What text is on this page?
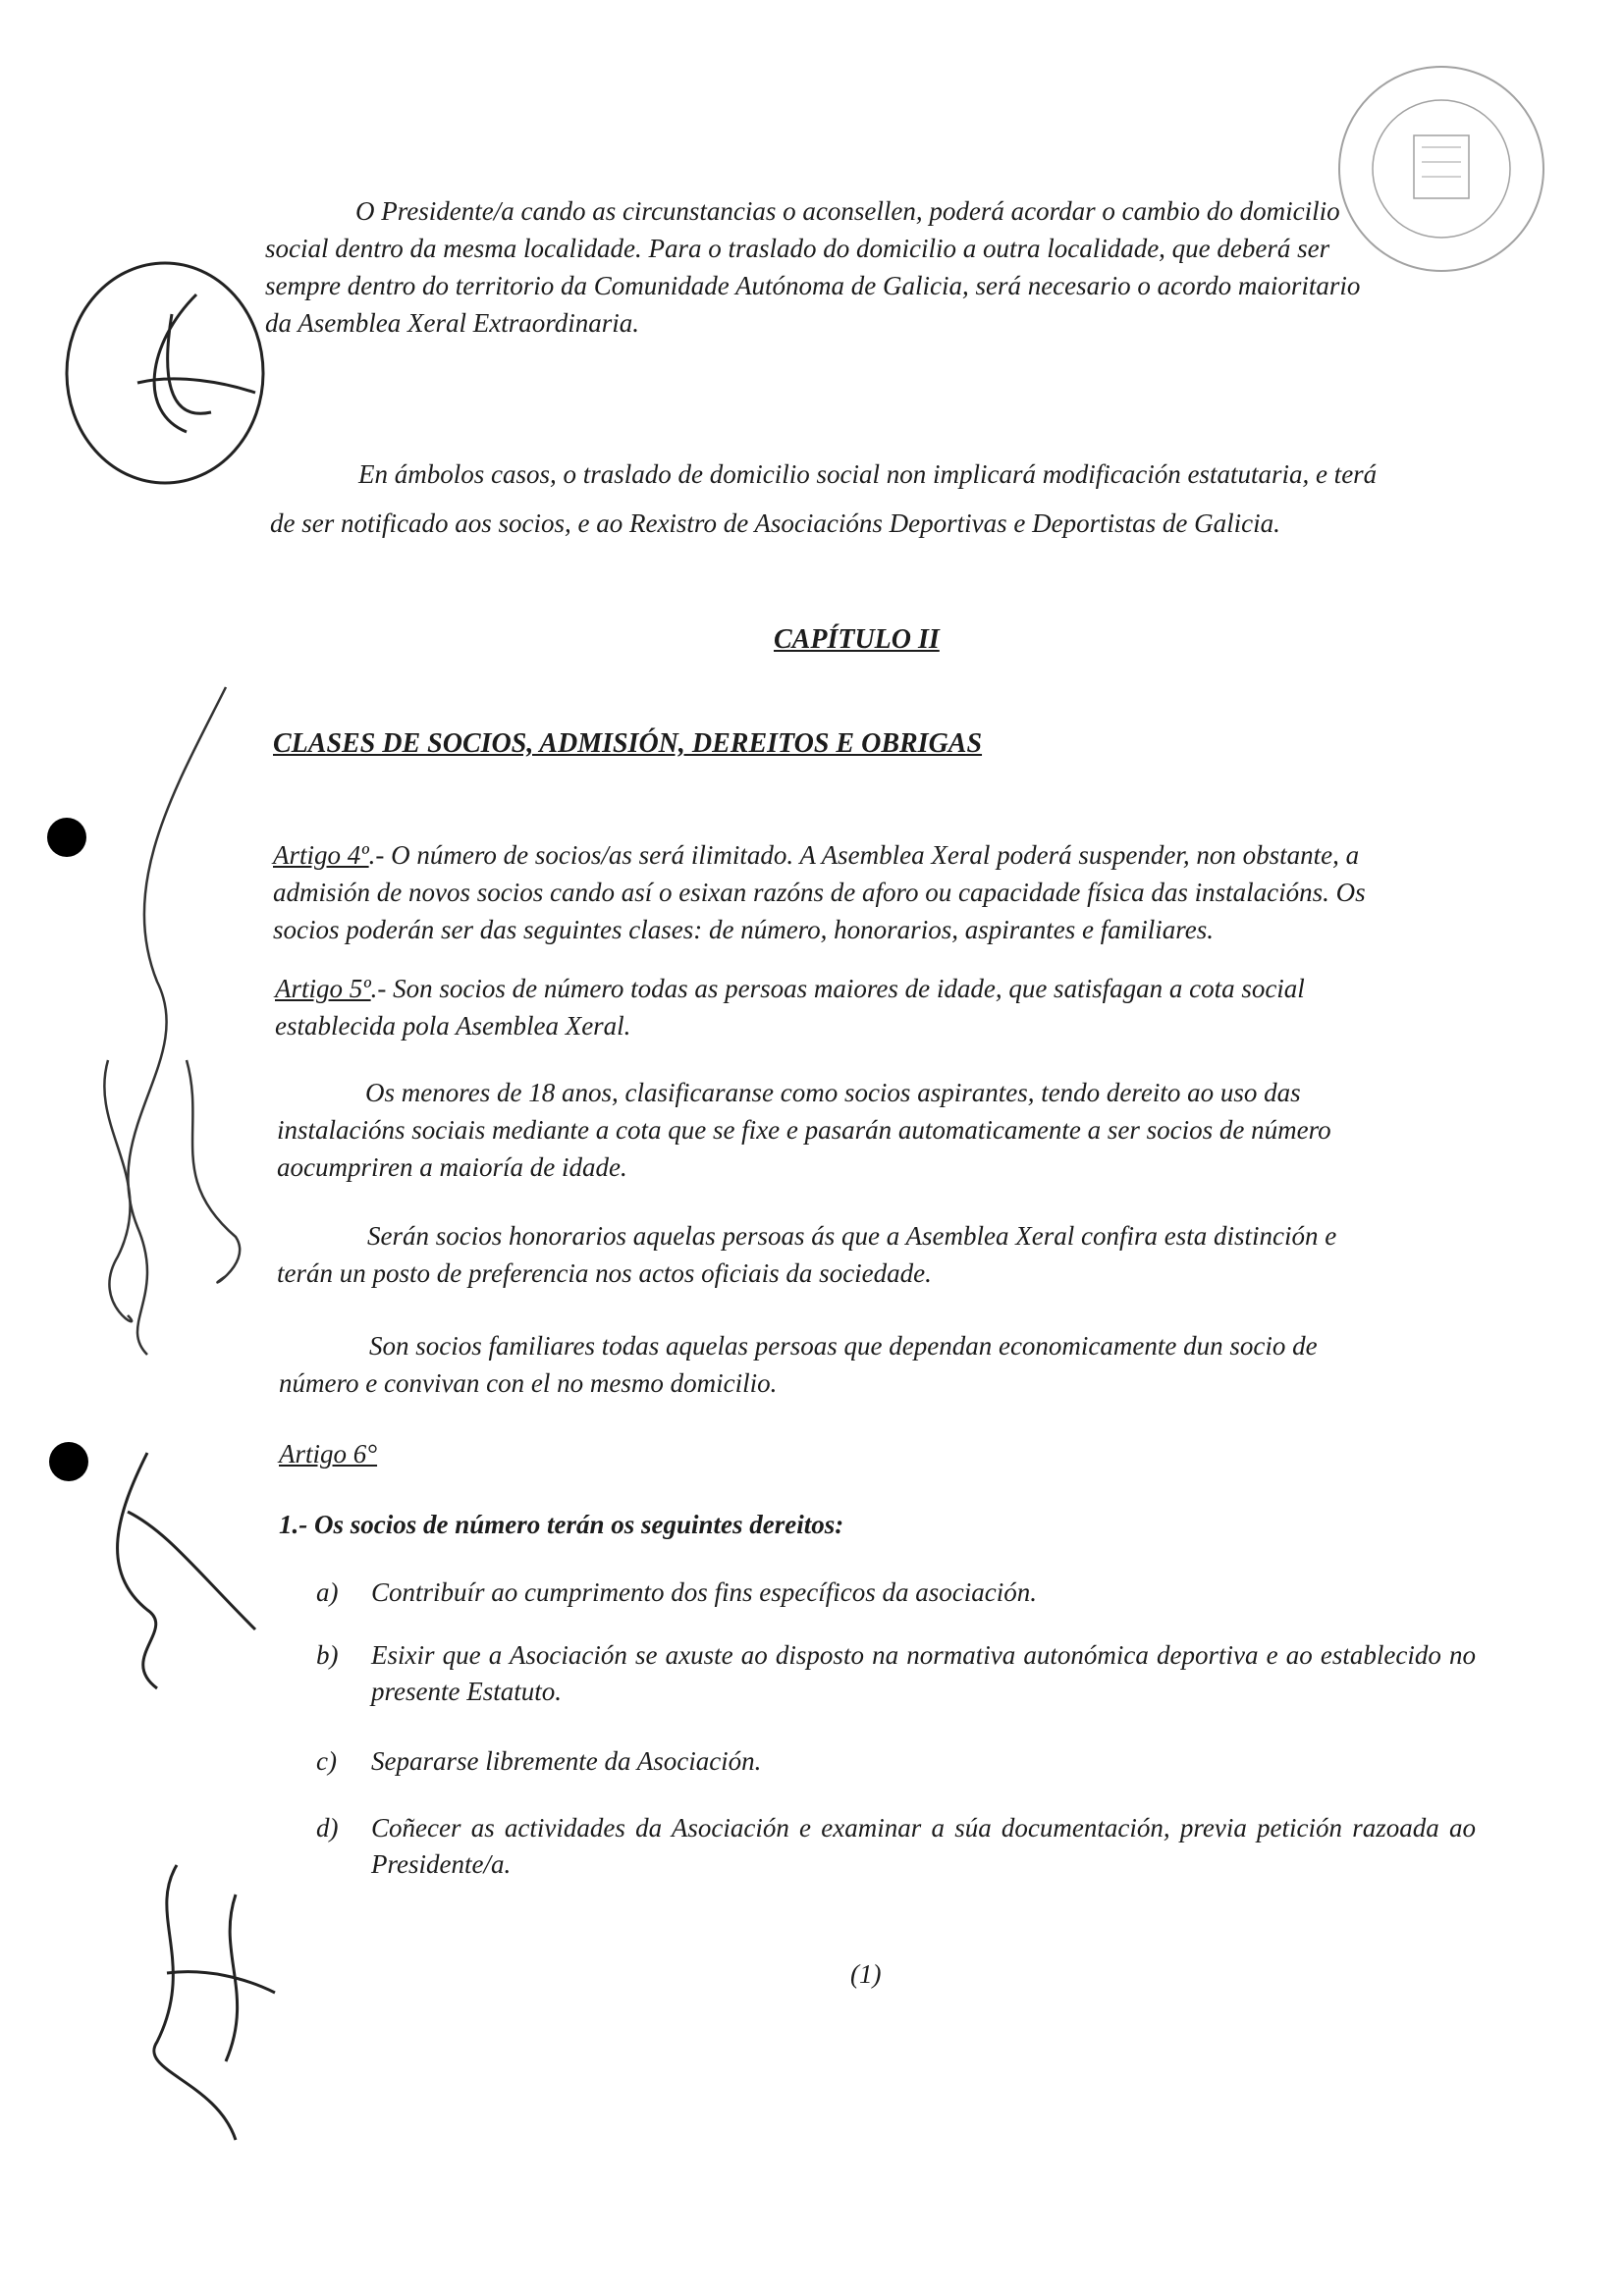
O Presidente/a cando as circunstancias o aconsellen, poderá acordar o cambio do domicilio
social dentro da mesma localidade. Para o traslado do domicilio a outra localidade, que deberá ser
sempre dentro do territorio da Comunidade Autónoma de Galicia, será necesario o acordo maioritario
da Asemblea Xeral Extraordinaria.
En ámbolos casos, o traslado de domicilio social non implicará modificación estatutaria, e terá
de ser notificado aos socios, e ao Rexistro de Asociacións Deportivas e Deportistas de Galicia.
CAPÍTULO II
CLASES DE SOCIOS, ADMISIÓN, DEREITOS E OBRIGAS
Artigo 4º.- O número de socios/as será ilimitado. A Asemblea Xeral poderá suspender, non obstante, a
admisión de novos socios cando así o esixan razóns de aforo ou capacidade física das instalacións. Os
socios poderán ser das seguintes clases: de número, honorarios, aspirantes e familiares.
Artigo 5º.- Son socios de número todas as persoas maiores de idade, que satisfagan a cota social
establecida pola Asemblea Xeral.
Os menores de 18 anos, clasificaranse como socios aspirantes, tendo dereito ao uso das
instalacións sociais mediante a cota que se fixe e pasarán automaticamente a ser socios de número
aocumpriren a maioría de idade.
Serán socios honorarios aquelas persoas ás que a Asemblea Xeral confira esta distinción e
terán un posto de preferencia nos actos oficiais da sociedade.
Son socios familiares todas aquelas persoas que dependan economicamente dun socio de
número e convivan con el no mesmo domicilio.
Artigo 6°
1.- Os socios de número terán os seguintes dereitos:
a) Contribuír ao cumprimento dos fins específicos da asociación.
b) Esixir que a Asociación se axuste ao disposto na normativa autonómica deportiva e ao establecido no presente Estatuto.
c) Separarse libremente da Asociación.
d) Coñecer as actividades da Asociación e examinar a súa documentación, previa petición razoada ao Presidente/a.
(1)
